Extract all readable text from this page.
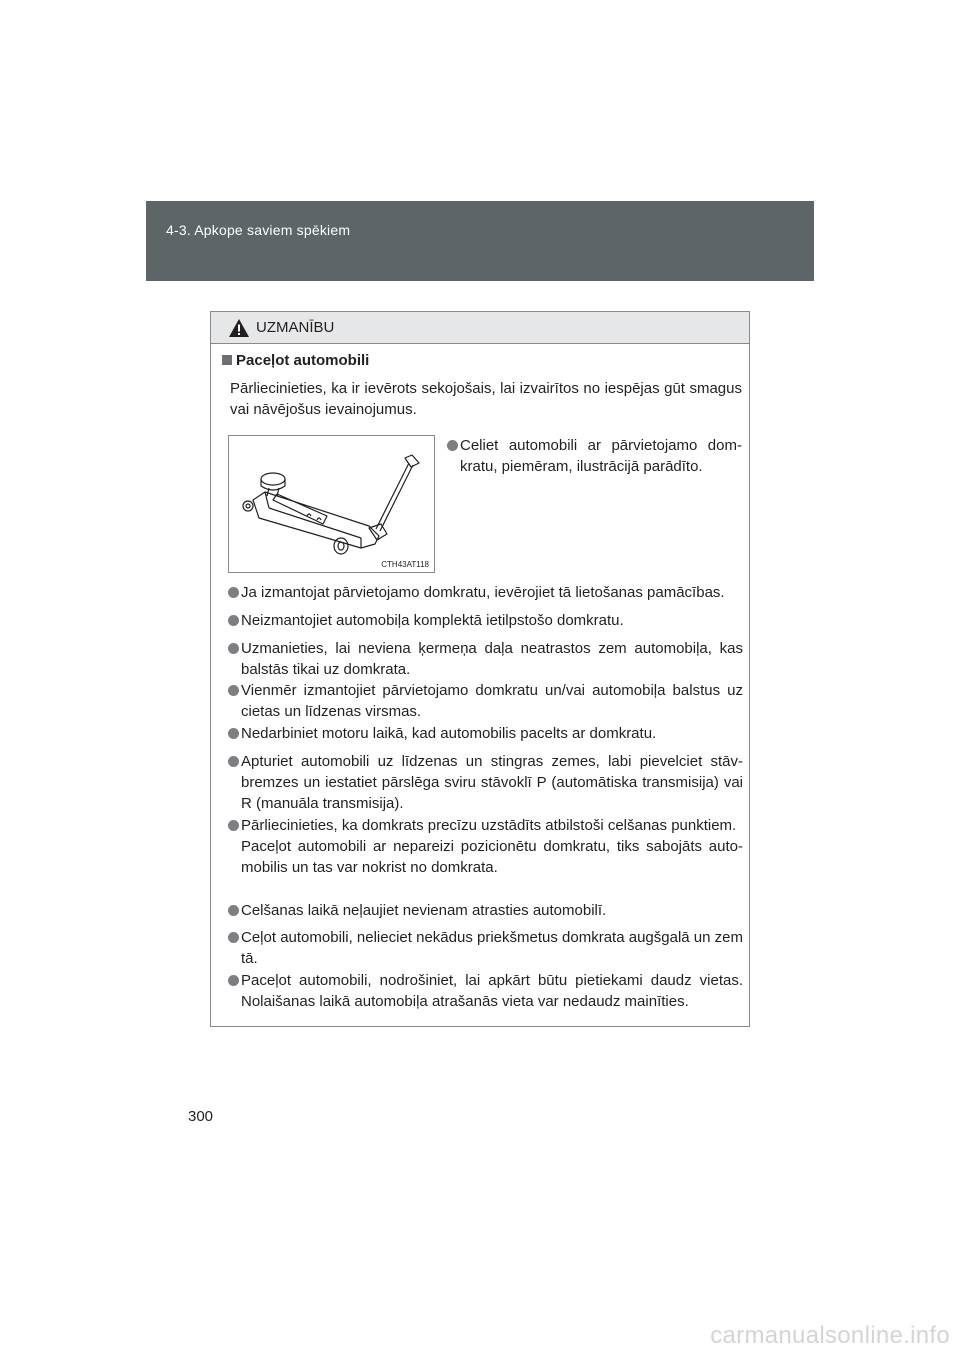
4-3. Apkope saviem spēkiem
UZMANĪBU
Paceļot automobili
Pārliecinieties, ka ir ievērots sekojošais, lai izvairītos no iespējas gūt smagus vai nāvējošus ievainojumus.
CTH43AT118
Celiet automobili ar pārvietojamo domkratu, piemēram, ilustrācijā parādīto.
Ja izmantojat pārvietojamo domkratu, ievērojiet tā lietošanas pamācības.
Neizmantojiet automobiļa komplektā ietilpstošo domkratu.
Uzmanieties, lai neviena ķermeņa daļa neatrastos zem automobiļa, kas balstās tikai uz domkrata.
Vienmēr izmantojiet pārvietojamo domkratu un/vai automobiļa balstus uz cietas un līdzenas virsmas.
Nedarbiniet motoru laikā, kad automobilis pacelts ar domkratu.
Apturiet automobili uz līdzenas un stingras zemes, labi pievelciet stāvbremzes un iestatiet pārslēga sviru stāvoklī P (automātiska transmisija) vai R (manuāla transmisija).
Pārliecinieties, ka domkrats precīzu uzstādīts atbilstoši celšanas punktiem.
Paceļot automobili ar nepareizi pozicionētu domkratu, tiks sabojāts automobilis un tas var nokrist no domkrata.
Celšanas laikā neļaujiet nevienam atrasties automobilī.
Ceļot automobili, nelieciet nekādus priekšmetus domkrata augšgalā un zem tā.
Paceļot automobili, nodrošiniet, lai apkārt būtu pietiekami daudz vietas. Nolaišanas laikā automobiļa atrašanās vieta var nedaudz mainīties.
300
carmanualsonline.info
